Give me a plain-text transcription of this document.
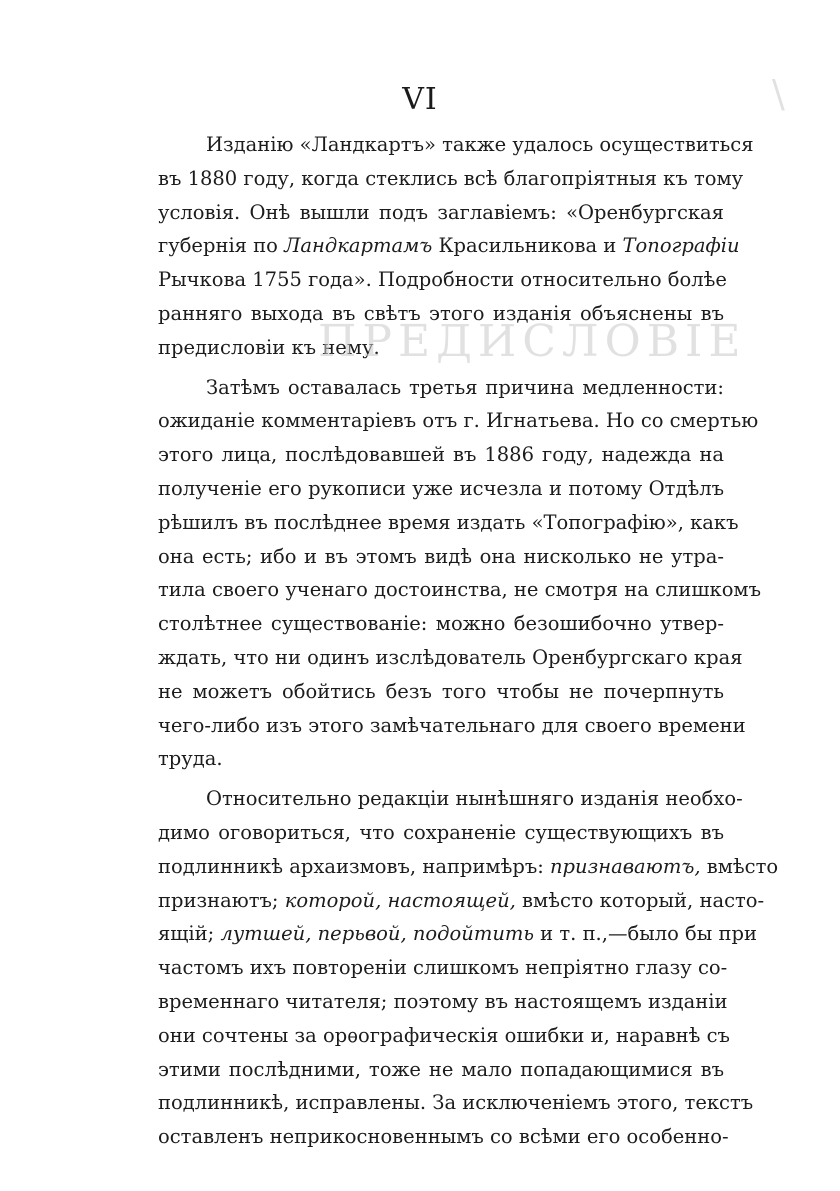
VI
Изданію «Ландкартъ» также удалось осуществиться
въ 1880 году, когда стеклись всѣ благопріятныя къ тому
условія. Онѣ вышли подъ заглавіемъ: «Оренбургская
губернія по Ландкартамъ Красильникова и Топографіи
Рычкова 1755 года». Подробности относительно болѣе
ранняго выхода въ свѣтъ этого изданія объяснены въ
предисловіи къ нему.
Затѣмъ оставалась третья причина медленности:
ожиданіе комментаріевъ отъ г. Игнатьева. Но со смертью
этого лица, послѣдовавшей въ 1886 году, надежда на
полученіе его рукописи уже исчезла и потому Отдѣлъ
рѣшилъ въ послѣднее время издать «Топографію», какъ
она есть; ибо и въ этомъ видѣ она нисколько не утра-
тила своего ученаго достоинства, не смотря на слишкомъ
столѣтнее существованіе: можно безошибочно утвер-
ждать, что ни одинъ изслѣдователь Оренбургскаго края
не можетъ обойтись безъ того чтобы не почерпнуть
чего-либо изъ этого замѣчательнаго для своего времени
труда.
Относительно редакціи нынѣшняго изданія необхо-
димо оговориться, что сохраненіе существующихъ въ
подлинникѣ архаизмовъ, напримѣръ: признаваютъ, вмѣсто
признаютъ; которой, настоящей, вмѣсто который, насто-
ящій; лутшей, перьвой, подойтить и т. п.,—было бы при
частомъ ихъ повтореніи слишкомъ непріятно глазу со-
временнаго читателя; поэтому въ настоящемъ изданіи
они сочтены за орѳографическія ошибки и, наравнѣ съ
этими послѣдними, тоже не мало попадающимися въ
подлинникѣ, исправлены. За исключеніемъ этого, текстъ
оставленъ неприкосновеннымъ со всѣми его особенно-
ПРЕДИСЛОВІЕ
\
